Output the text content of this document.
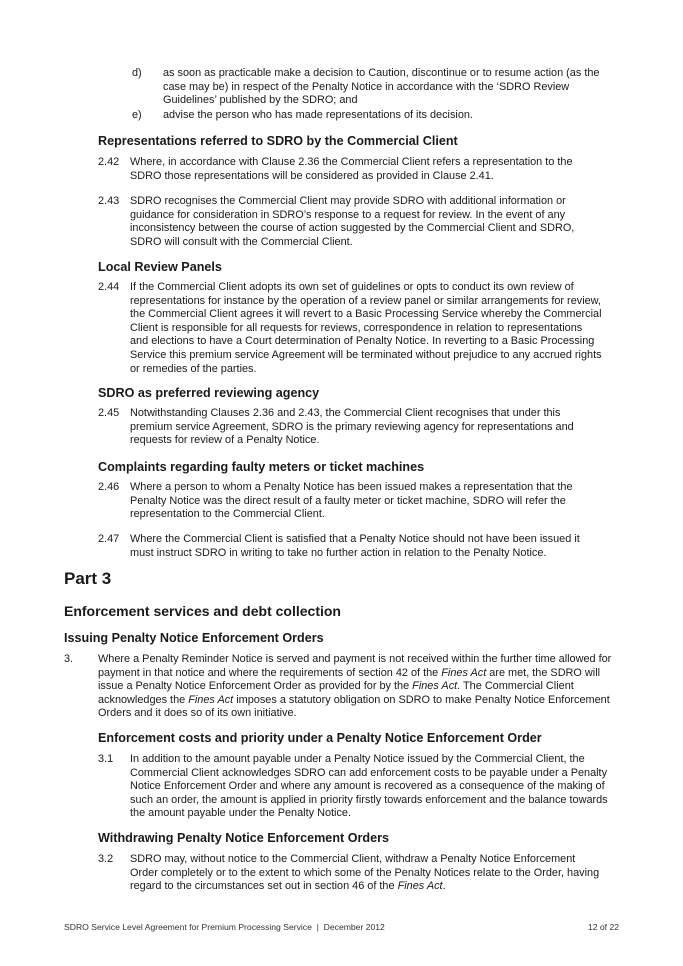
d)	as soon as practicable make a decision to Caution, discontinue or to resume action (as the case may be) in respect of the Penalty Notice in accordance with the ‘SDRO Review Guidelines’ published by the SDRO; and
e)	advise the person who has made representations of its decision.
Representations referred to SDRO by the Commercial Client
2.42 Where, in accordance with Clause 2.36 the Commercial Client refers a representation to the SDRO those representations will be considered as provided in Clause 2.41.
2.43 SDRO recognises the Commercial Client may provide SDRO with additional information or guidance for consideration in SDRO’s response to a request for review. In the event of any inconsistency between the course of action suggested by the Commercial Client and SDRO, SDRO will consult with the Commercial Client.
Local Review Panels
2.44 If the Commercial Client adopts its own set of guidelines or opts to conduct its own review of representations for instance by the operation of a review panel or similar arrangements for review, the Commercial Client agrees it will revert to a Basic Processing Service whereby the Commercial Client is responsible for all requests for reviews, correspondence in relation to representations and elections to have a Court determination of Penalty Notice. In reverting to a Basic Processing Service this premium service Agreement will be terminated without prejudice to any accrued rights or remedies of the parties.
SDRO as preferred reviewing agency
2.45 Notwithstanding Clauses 2.36 and 2.43, the Commercial Client recognises that under this premium service Agreement, SDRO is the primary reviewing agency for representations and requests for review of a Penalty Notice.
Complaints regarding faulty meters or ticket machines
2.46 Where a person to whom a Penalty Notice has been issued makes a representation that the Penalty Notice was the direct result of a faulty meter or ticket machine, SDRO will refer the representation to the Commercial Client.
2.47 Where the Commercial Client is satisfied that a Penalty Notice should not have been issued it must instruct SDRO in writing to take no further action in relation to the Penalty Notice.
Part 3
Enforcement services and debt collection
Issuing Penalty Notice Enforcement Orders
3.	Where a Penalty Reminder Notice is served and payment is not received within the further time allowed for payment in that notice and where the requirements of section 42 of the Fines Act are met, the SDRO will issue a Penalty Notice Enforcement Order as provided for by the Fines Act. The Commercial Client acknowledges the Fines Act imposes a statutory obligation on SDRO to make Penalty Notice Enforcement Orders and it does so of its own initiative.
Enforcement costs and priority under a Penalty Notice Enforcement Order
3.1	In addition to the amount payable under a Penalty Notice issued by the Commercial Client, the Commercial Client acknowledges SDRO can add enforcement costs to be payable under a Penalty Notice Enforcement Order and where any amount is recovered as a consequence of the making of such an order, the amount is applied in priority firstly towards enforcement and the balance towards the amount payable under the Penalty Notice.
Withdrawing Penalty Notice Enforcement Orders
3.2	SDRO may, without notice to the Commercial Client, withdraw a Penalty Notice Enforcement Order completely or to the extent to which some of the Penalty Notices relate to the Order, having regard to the circumstances set out in section 46 of the Fines Act.
SDRO Service Level Agreement for Premium Processing Service  |  December 2012	12 of 22
